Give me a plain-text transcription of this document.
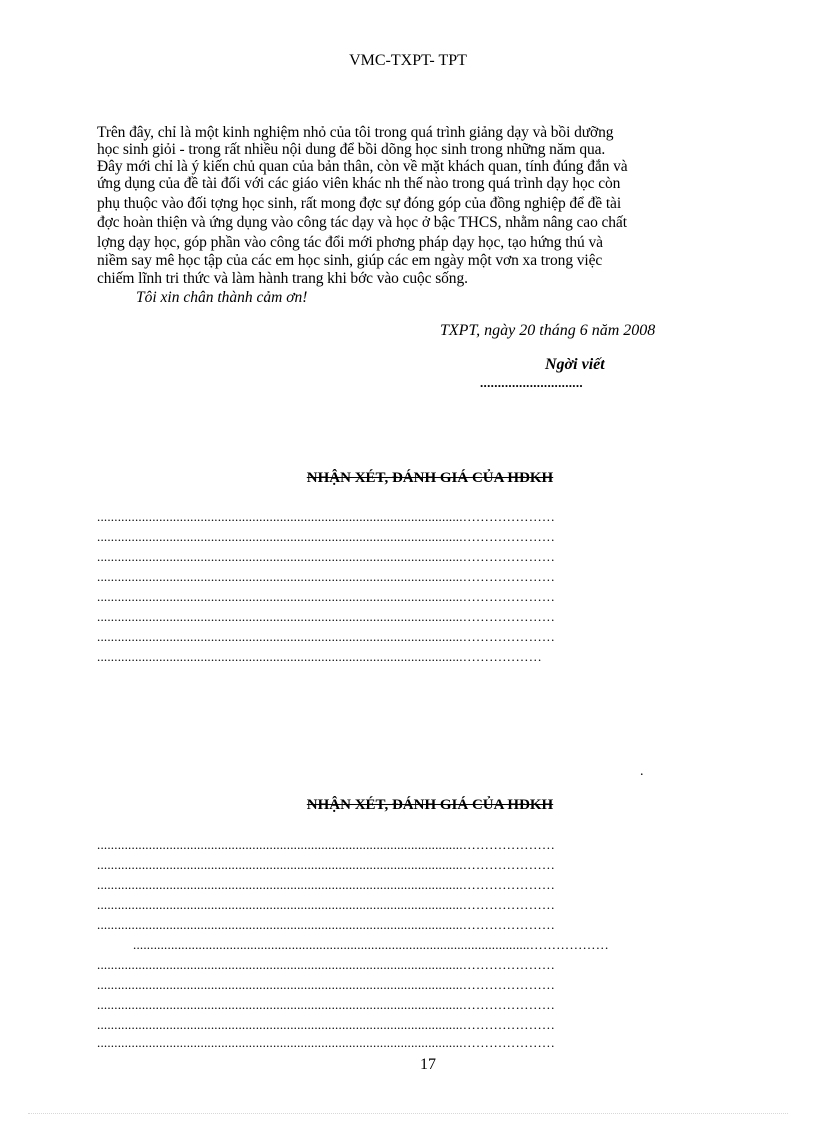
VMC-TXPT- TPT
Trên đây, chỉ là một kinh nghiệm nhỏ của tôi trong quá trình giảng dạy và bồi dưỡng
học sinh giỏi - trong rất nhiều nội dung để bồi dõng học sinh trong những năm qua.
Đây mới chỉ là ý kiến chủ quan của bản thân, còn về mặt khách quan, tính đúng đắn và
ứng dụng của đề tài đối với các giáo viên khác nh thế nào trong quá trình dạy học còn
phụ thuộc vào đối tợng học sinh, rất mong đợc sự đóng góp của đồng nghiệp để đề tài
đợc hoàn thiện và ứng dụng vào công tác dạy và học ở bậc THCS, nhằm nâng cao chất
lợng dạy học, góp phần vào công tác đổi mới phơng pháp dạy học, tạo hứng thú và
niềm say mê học tập của các em học sinh, giúp các em ngày một vơn xa trong việc
chiếm lĩnh tri thức và làm hành trang khi bớc vào cuộc sống.
Tôi xin chân thành cảm ơn!
TXPT, ngày 20 tháng 6 năm 2008
Ngời viết
.............................
NHẬN XÉT, ĐÁNH GIÁ CỦA HĐKH
..........................................................................................................…………………
..........................................................................................................…………………
..........................................................................................................…………………
..........................................................................................................…………………
..........................................................................................................…………………
..........................................................................................................…………………
..........................................................................................................…………………
..........................................................................................................………………
.
NHẬN XÉT, ĐÁNH GIÁ CỦA HĐKH
..........................................................................................................…………………
..........................................................................................................…………………
..........................................................................................................…………………
..........................................................................................................…………………
..........................................................................................................…………………
...................................................................................................................………………
..........................................................................................................…………………
..........................................................................................................…………………
..........................................................................................................…………………
..........................................................................................................…………………
..........................................................................................................…………………
17
